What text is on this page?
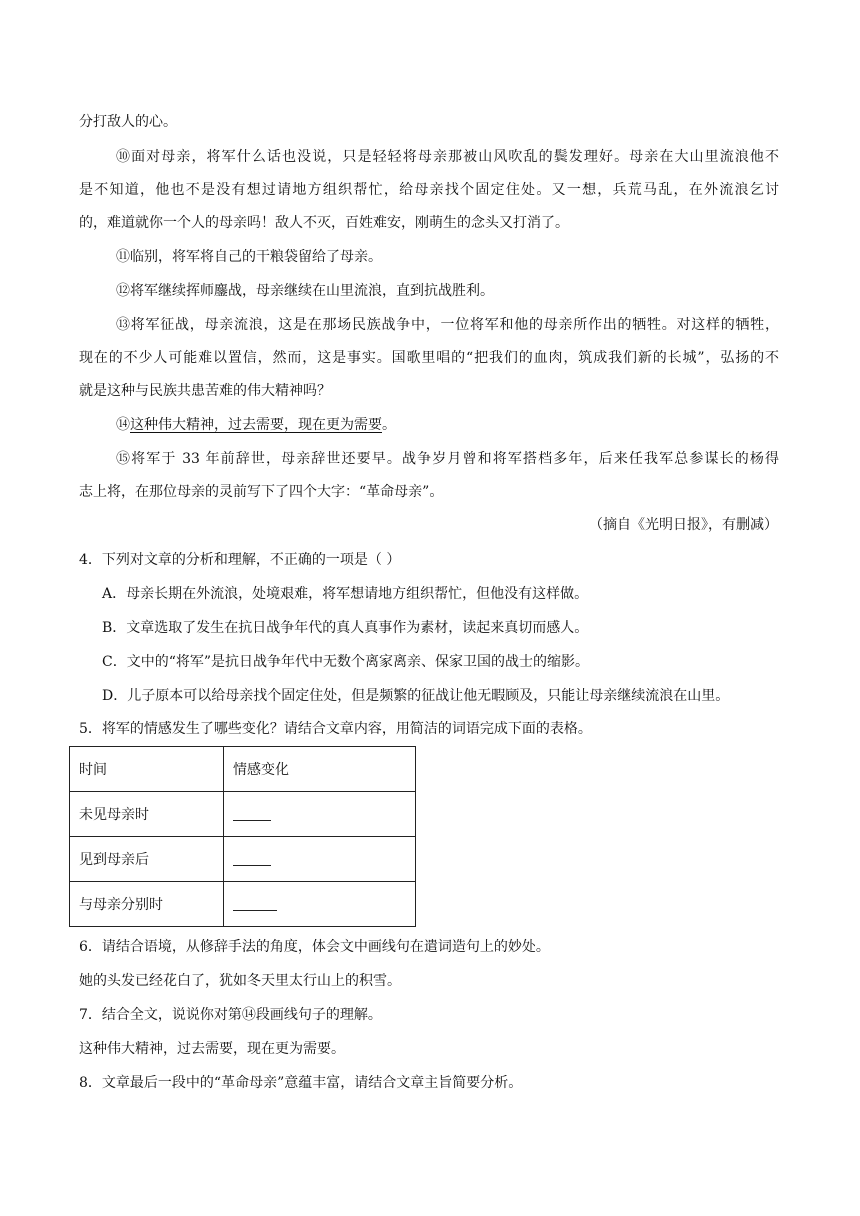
分打敌人的心。
⑩面对母亲，将军什么话也没说，只是轻轻将母亲那被山风吹乱的鬓发理好。母亲在大山里流浪他不
是不知道，他也不是没有想过请地方组织帮忙，给母亲找个固定住处。又一想，兵荒马乱，在外流浪乞讨
的，难道就你一个人的母亲吗！敌人不灭，百姓难安，刚萌生的念头又打消了。
⑪临别，将军将自己的干粮袋留给了母亲。
⑫将军继续挥师鏖战，母亲继续在山里流浪，直到抗战胜利。
⑬将军征战，母亲流浪，这是在那场民族战争中，一位将军和他的母亲所作出的牺牲。对这样的牺牲，
现在的不少人可能难以置信，然而，这是事实。国歌里唱的“把我们的血肉，筑成我们新的长城”，弘扬的不
就是这种与民族共患苦难的伟大精神吗？
⑭这种伟大精神，过去需要，现在更为需要。
⑮将军于 33 年前辞世，母亲辞世还要早。战争岁月曾和将军搭档多年，后来任我军总参谋长的杨得
志上将，在那位母亲的灵前写下了四个大字：“革命母亲”。
（摘自《光明日报》，有删减）
4．下列对文章的分析和理解，不正确的一项是（ ）
A．母亲长期在外流浪，处境艰难，将军想请地方组织帮忙，但他没有这样做。
B．文章选取了发生在抗日战争年代的真人真事作为素材，读起来真切而感人。
C．文中的“将军”是抗日战争年代中无数个离家离亲、保家卫国的战士的缩影。
D．儿子原本可以给母亲找个固定住处，但是频繁的征战让他无暇顾及，只能让母亲继续流浪在山里。
5．将军的情感发生了哪些变化？请结合文章内容，用简洁的词语完成下面的表格。
时间	情感变化
未见母亲时	
见到母亲后	
与母亲分别时	
6．请结合语境，从修辞手法的角度，体会文中画线句在遣词造句上的妙处。
她的头发已经花白了，犹如冬天里太行山上的积雪。
7．结合全文，说说你对第⑭段画线句子的理解。
这种伟大精神，过去需要，现在更为需要。
8．文章最后一段中的“革命母亲”意蕴丰富，请结合文章主旨简要分析。
